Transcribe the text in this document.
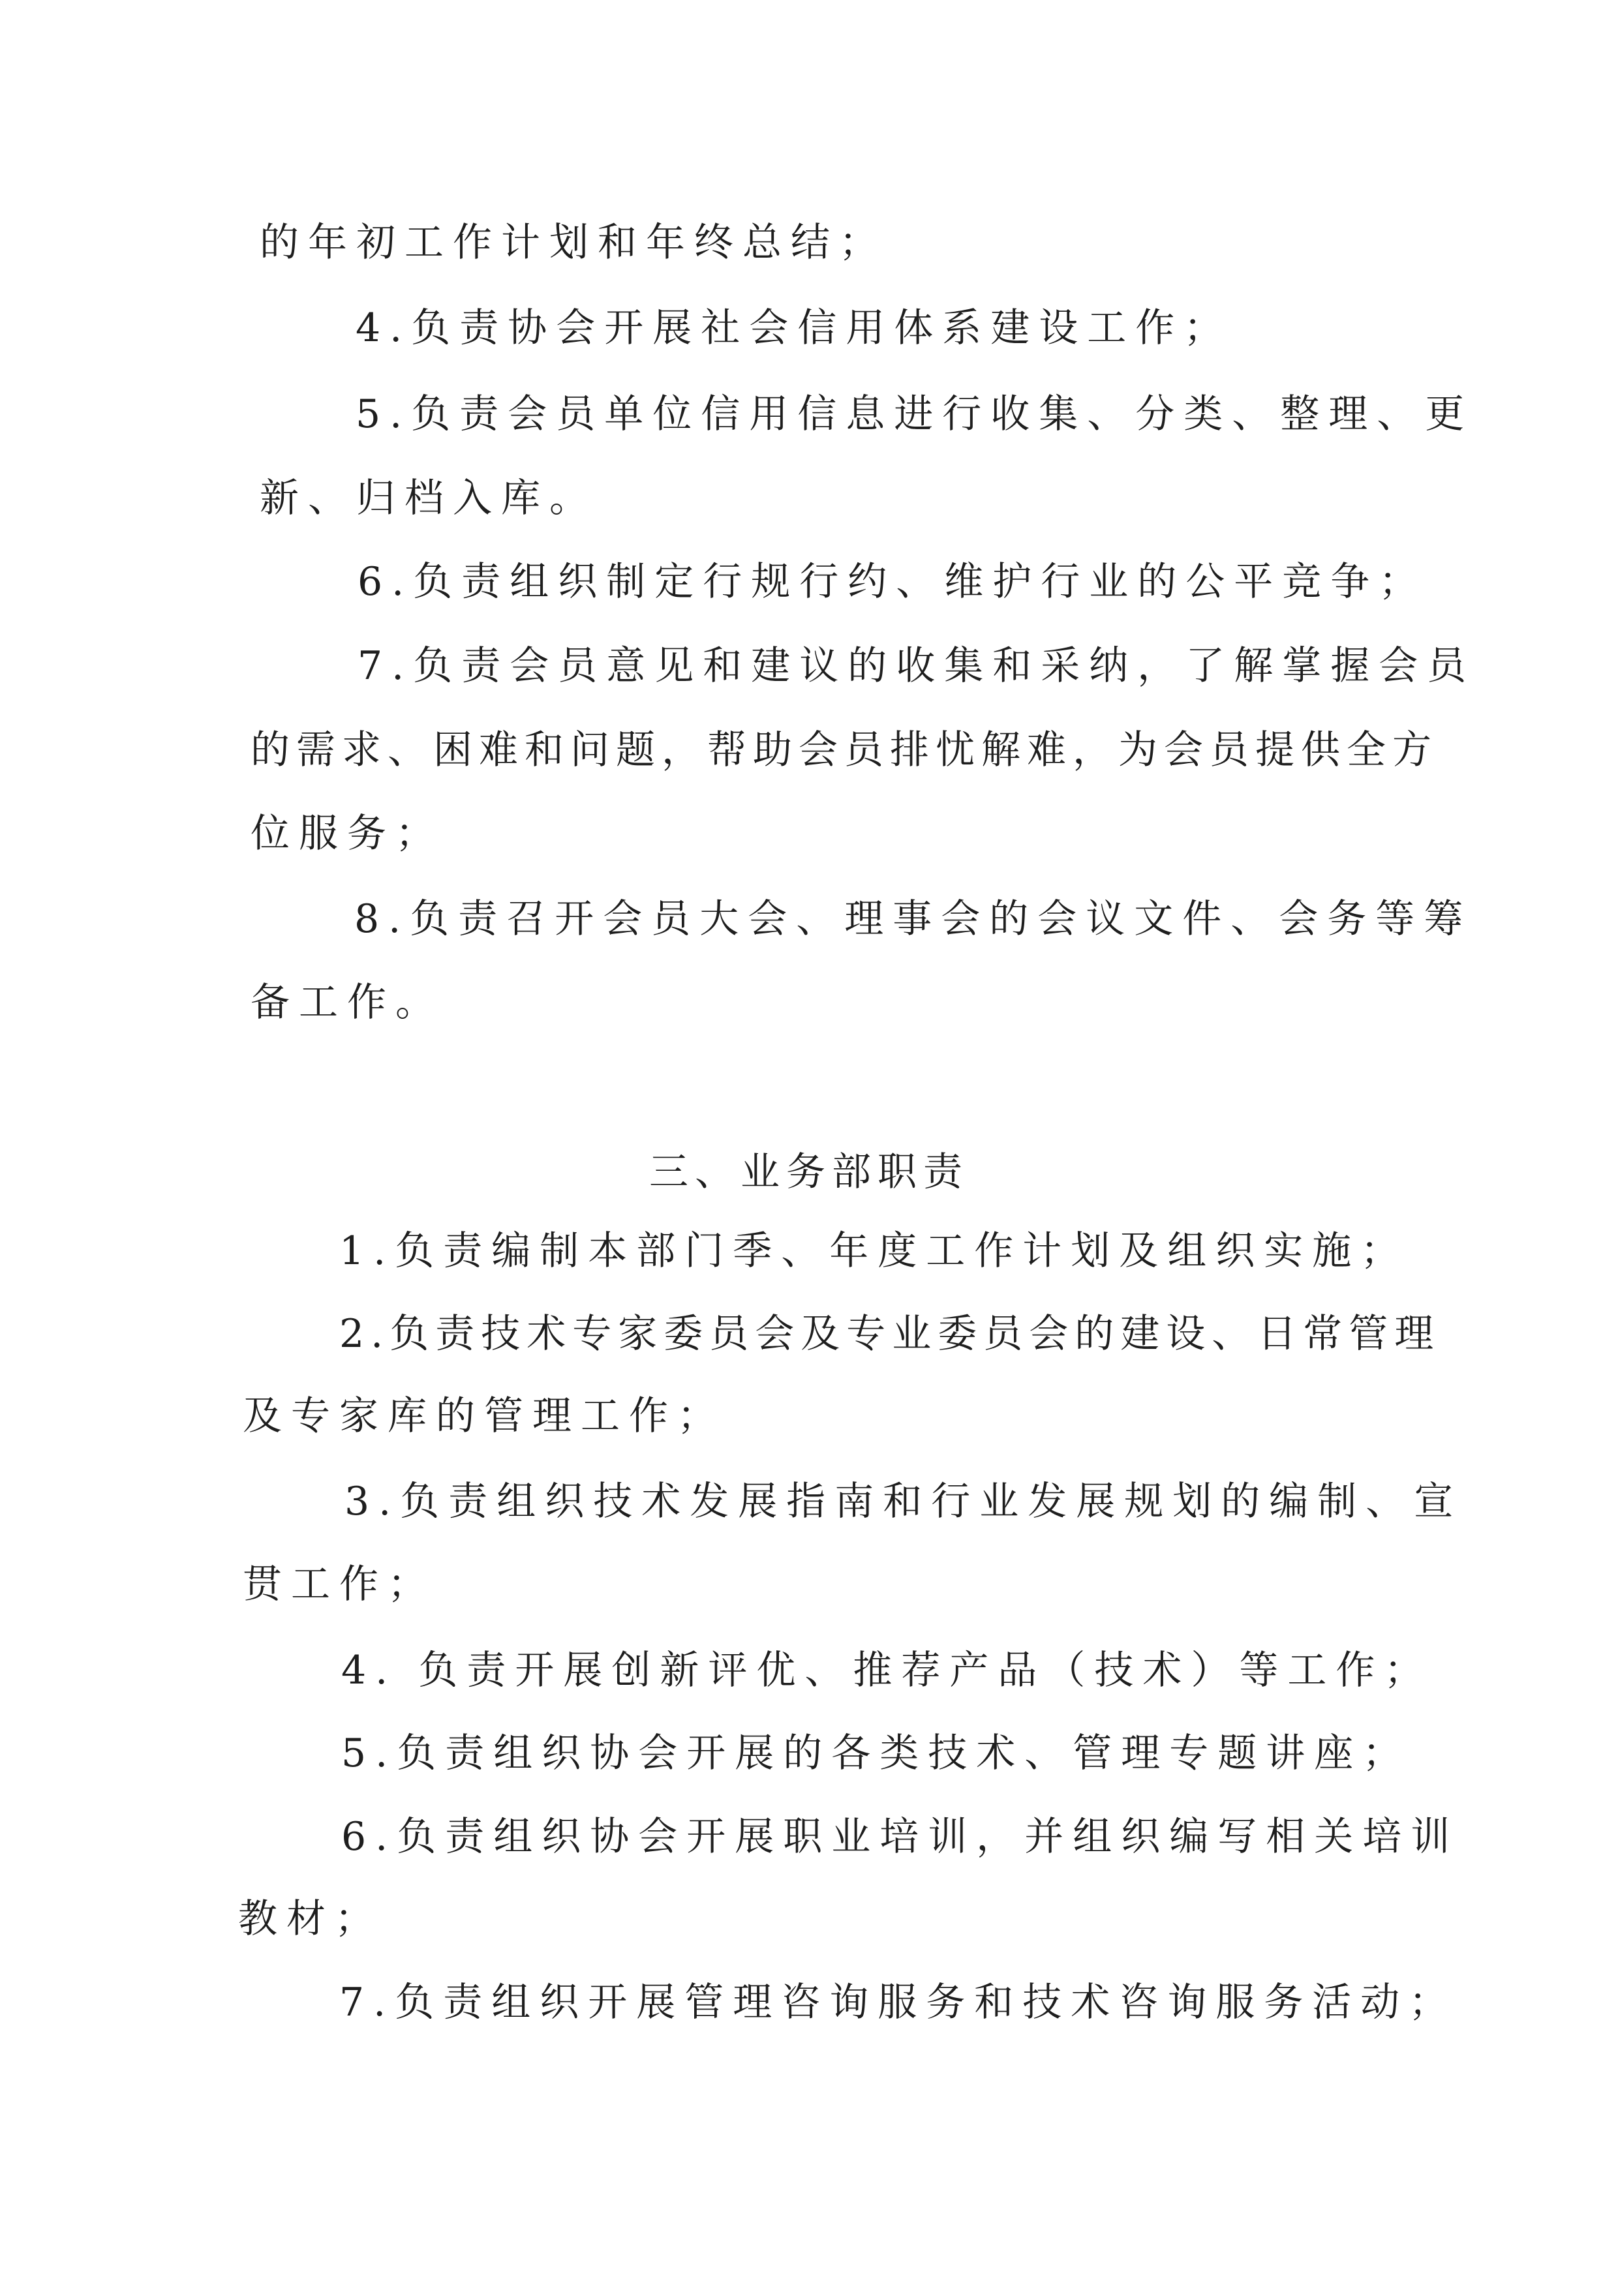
的年初工作计划和年终总结；
4.负责协会开展社会信用体系建设工作；
5.负责会员单位信用信息进行收集、分类、整理、更
新、归档入库。
6.负责组织制定行规行约、维护行业的公平竞争；
7.负责会员意见和建议的收集和采纳，了解掌握会员
的需求、困难和问题，帮助会员排忧解难，为会员提供全方
位服务；
8.负责召开会员大会、理事会的会议文件、会务等筹
备工作。
三、业务部职责
1.负责编制本部门季、年度工作计划及组织实施；
2.负责技术专家委员会及专业委员会的建设、日常管理
及专家库的管理工作；
3.负责组织技术发展指南和行业发展规划的编制、宣
贯工作；
4. 负责开展创新评优、推荐产品（技术）等工作；
5.负责组织协会开展的各类技术、管理专题讲座；
6.负责组织协会开展职业培训，并组织编写相关培训
教材；
7.负责组织开展管理咨询服务和技术咨询服务活动；
